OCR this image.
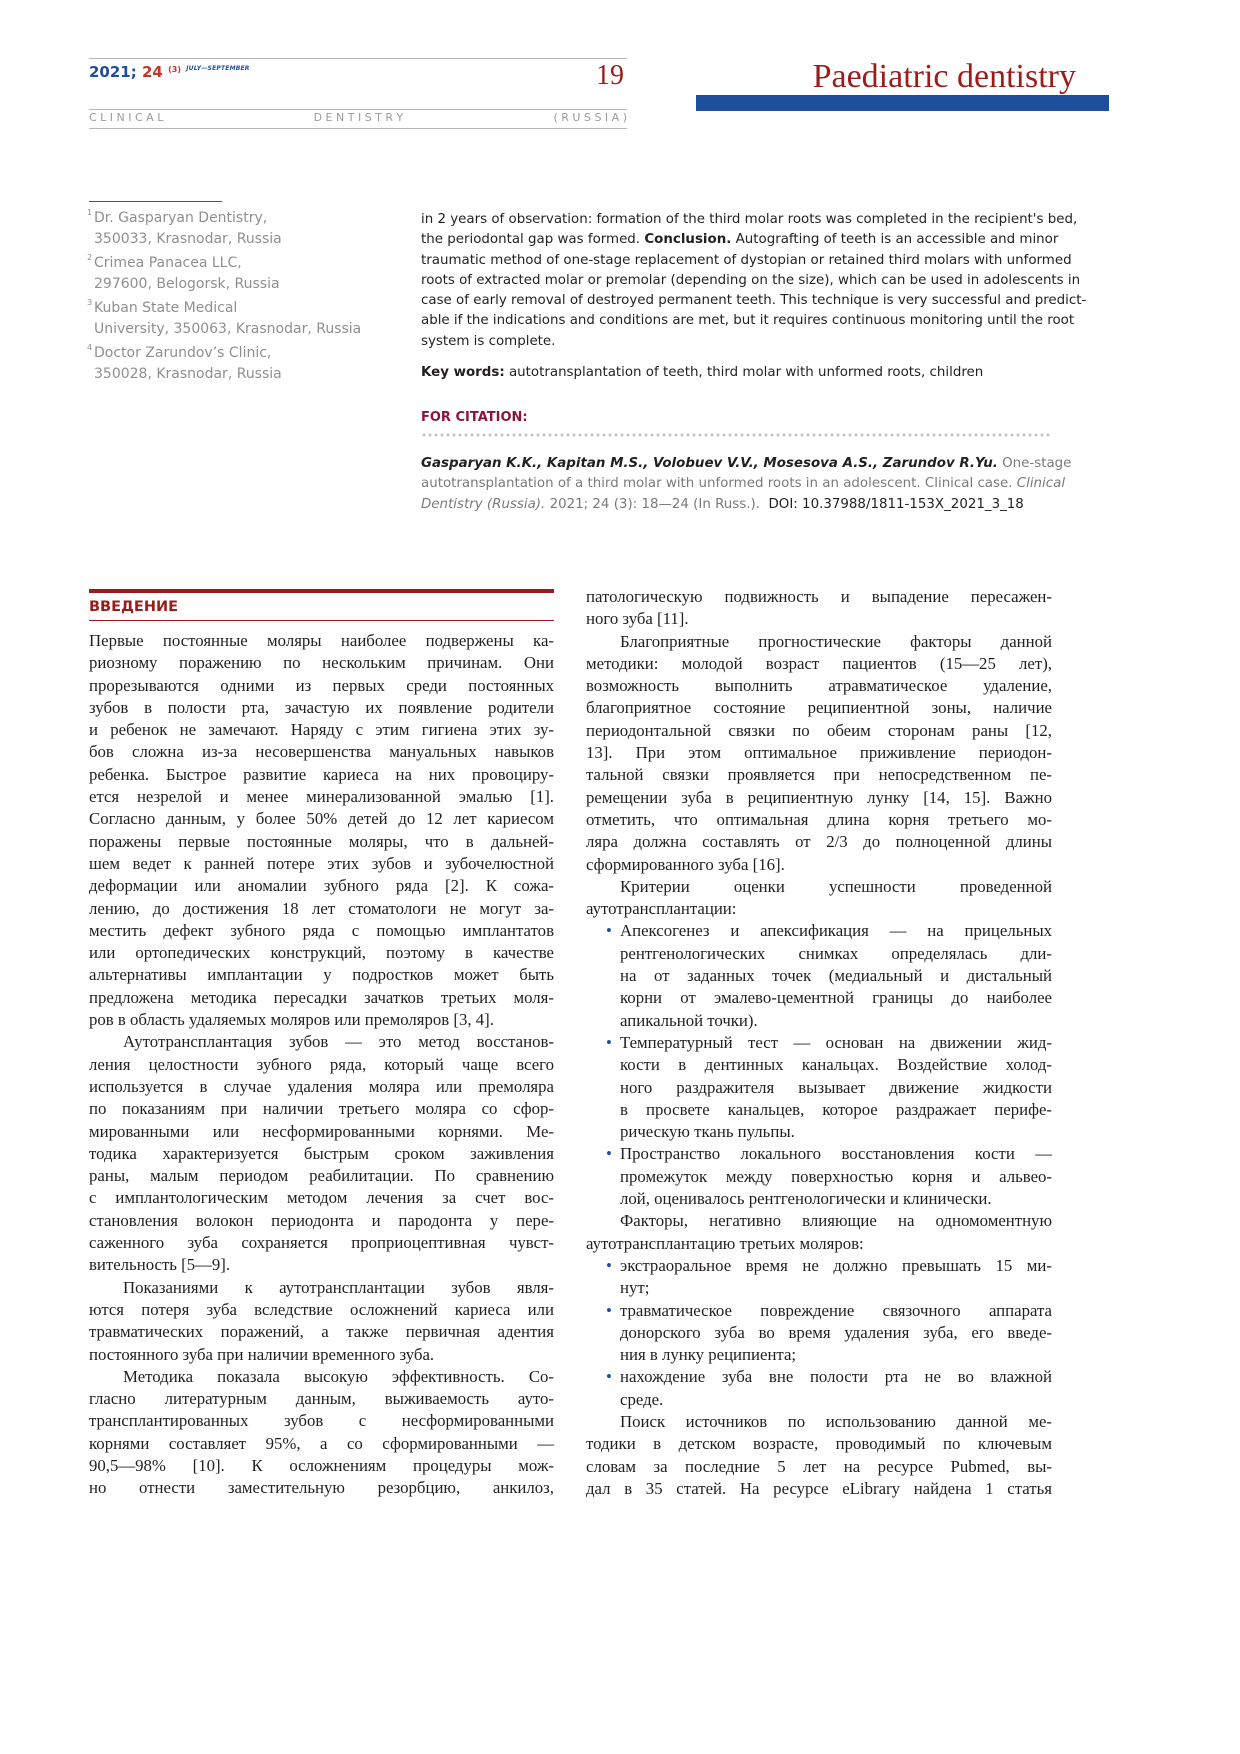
2021; 24 $^{(3)}$ $^{JULY—SEPTEMBER}$	19	Paediatric dentistry
C L I N I C A L	D E N T I S T R Y	( R U S S I A )
1 Dr. Gasparyan Dentistry,
350033, Krasnodar, Russia
2 Crimea Panacea LLC,
297600, Belogorsk, Russia
3 Kuban State Medical
University, 350063, Krasnodar, Russia
4 Doctor Zarundov’s Clinic,
350028, Krasnodar, Russia
in 2 years of observation: formation of the third molar roots was completed in the recipient's bed,
the periodontal gap was formed. Conclusion. Autografting of teeth is an accessible and minor
traumatic method of one-stage replacement of dystopian or retained third molars with unformed
roots of extracted molar or premolar (depending on the size), which can be used in adolescents in
case of early removal of destroyed permanent teeth. This technique is very successful and predict-
able if the indications and conditions are met, but it requires continuous monitoring until the root
system is complete.
Key words: autotransplantation of teeth, third molar with unformed roots, children
FOR CITATION:
Gasparyan K.K., Kapitan M.S., Volobuev V.V., Mosesova A.S., Zarundov R.Yu. One-stage
autotransplantation of a third molar with unformed roots in an adolescent. Clinical case. Clinical
Dentistry (Russia). 2021; 24 (3): 18—24 (In Russ.). DOI: 10.37988/1811-153X_2021_3_18
ВВЕДЕНИЕ
Первые постоянные моляры наиболее подвержены ка-
риозному поражению по нескольким причинам. Они
прорезываются одними из первых среди постоянных
зубов в полости рта, зачастую их появление родители
и ребенок не замечают. Наряду с этим гигиена этих зу-
бов сложна из-за несовершенства мануальных навыков
ребенка. Быстрое развитие кариеса на них провоциру-
ется незрелой и менее минерализованной эмалью [1].
Согласно данным, у более 50% детей до 12 лет кариесом
поражены первые постоянные моляры, что в дальней-
шем ведет к ранней потере этих зубов и зубочелюстной
деформации или аномалии зубного ряда [2]. К сожа-
лению, до достижения 18 лет стоматологи не могут за-
местить дефект зубного ряда с помощью имплантатов
или ортопедических конструкций, поэтому в качестве
альтернативы имплантации у подростков может быть
предложена методика пересадки зачатков третьих моля-
ров в область удаляемых моляров или премоляров [3, 4].
Аутотрансплантация зубов — это метод восстанов-
ления целостности зубного ряда, который чаще всего
используется в случае удаления моляра или премоляра
по показаниям при наличии третьего моляра со сфор-
мированными или несформированными корнями. Ме-
тодика характеризуется быстрым сроком заживления
раны, малым периодом реабилитации. По сравнению
с имплантологическим методом лечения за счет вос-
становления волокон периодонта и пародонта у пере-
саженного зуба сохраняется проприоцептивная чувст-
вительность [5—9].
Показаниями к аутотрансплантации зубов явля-
ются потеря зуба вследствие осложнений кариеса или
травматических поражений, а также первичная адентия
постоянного зуба при наличии временного зуба.
Методика показала высокую эффективность. Со-
гласно литературным данным, выживаемость ауто-
трансплантированных зубов с несформированными
корнями составляет 95%, а со сформированными —
90,5—98% [10]. К осложнениям процедуры мож-
но отнести заместительную резорбцию, анкилоз,
патологическую подвижность и выпадение пересажен-
ного зуба [11].
Благоприятные прогностические факторы данной
методики: молодой возраст пациентов (15—25 лет),
возможность выполнить атравматическое удаление,
благоприятное состояние реципиентной зоны, наличие
периодонтальной связки по обеим сторонам раны [12,
13]. При этом оптимальное приживление периодон-
тальной связки проявляется при непосредственном пе-
ремещении зуба в реципиентную лунку [14, 15]. Важно
отметить, что оптимальная длина корня третьего мо-
ляра должна составлять от 2/3 до полноценной длины
сформированного зуба [16].
Критерии оценки успешности проведенной
аутотрансплантации:
• Апексогенез и апексификация — на прицельных
рентгенологических снимках определялась дли-
на от заданных точек (медиальный и дистальный
корни от эмалево-цементной границы до наиболее
апикальной точки).
• Температурный тест — основан на движении жид-
кости в дентинных канальцах. Воздействие холод-
ного раздражителя вызывает движение жидкости
в просвете канальцев, которое раздражает перифе-
рическую ткань пульпы.
• Пространство локального восстановления кости —
промежуток между поверхностью корня и альвео-
лой, оценивалось рентгенологически и клинически.
Факторы, негативно влияющие на одномоментную
аутотрансплантацию третьих моляров:
• экстраоральное время не должно превышать 15 ми-
нут;
• травматическое повреждение связочного аппарата
донорского зуба во время удаления зуба, его введе-
ния в лунку реципиента;
• нахождение зуба вне полости рта не во влажной
среде.
Поиск источников по использованию данной ме-
тодики в детском возрасте, проводимый по ключевым
словам за последние 5 лет на ресурсе Pubmed, вы-
дал в 35 статей. На ресурсе eLibrary найдена 1 статья
